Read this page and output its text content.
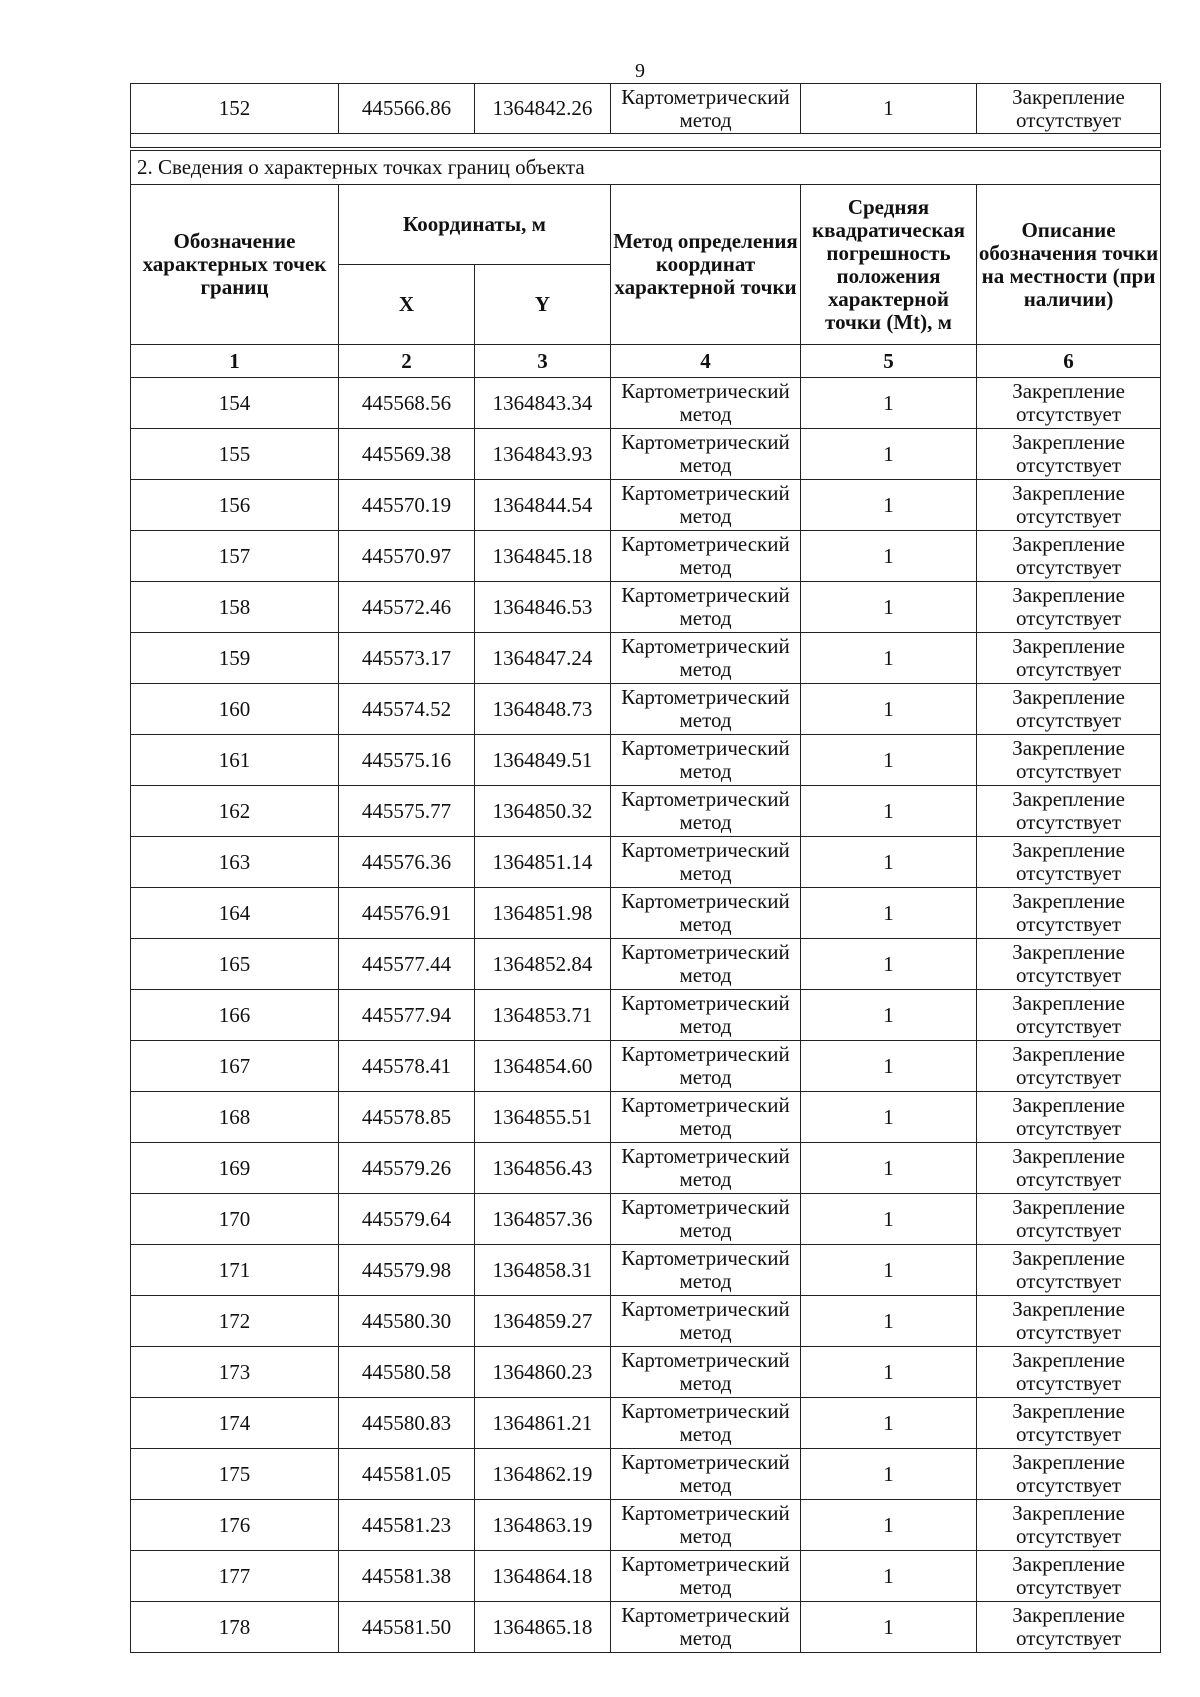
9
152	445566.86	1364842.26	Картометрический метод	1	Закрепление отсутствует

2. Сведения о характерных точках границ объекта					
Обозначение характерных точек границ	Координаты, м		Метод определения координат характерной точки	Средняя квадратическая погрешность положения характерной точки (Mt), м	Описание обозначения точки на местности (при наличии)
	X	Y			
1	2	3	4	5	6
154	445568.56	1364843.34	Картометрический метод	1	Закрепление отсутствует
155	445569.38	1364843.93	Картометрический метод	1	Закрепление отсутствует
156	445570.19	1364844.54	Картометрический метод	1	Закрепление отсутствует
157	445570.97	1364845.18	Картометрический метод	1	Закрепление отсутствует
158	445572.46	1364846.53	Картометрический метод	1	Закрепление отсутствует
159	445573.17	1364847.24	Картометрический метод	1	Закрепление отсутствует
160	445574.52	1364848.73	Картометрический метод	1	Закрепление отсутствует
161	445575.16	1364849.51	Картометрический метод	1	Закрепление отсутствует
162	445575.77	1364850.32	Картометрический метод	1	Закрепление отсутствует
163	445576.36	1364851.14	Картометрический метод	1	Закрепление отсутствует
164	445576.91	1364851.98	Картометрический метод	1	Закрепление отсутствует
165	445577.44	1364852.84	Картометрический метод	1	Закрепление отсутствует
166	445577.94	1364853.71	Картометрический метод	1	Закрепление отсутствует
167	445578.41	1364854.60	Картометрический метод	1	Закрепление отсутствует
168	445578.85	1364855.51	Картометрический метод	1	Закрепление отсутствует
169	445579.26	1364856.43	Картометрический метод	1	Закрепление отсутствует
170	445579.64	1364857.36	Картометрический метод	1	Закрепление отсутствует
171	445579.98	1364858.31	Картометрический метод	1	Закрепление отсутствует
172	445580.30	1364859.27	Картометрический метод	1	Закрепление отсутствует
173	445580.58	1364860.23	Картометрический метод	1	Закрепление отсутствует
174	445580.83	1364861.21	Картометрический метод	1	Закрепление отсутствует
175	445581.05	1364862.19	Картометрический метод	1	Закрепление отсутствует
176	445581.23	1364863.19	Картометрический метод	1	Закрепление отсутствует
177	445581.38	1364864.18	Картометрический метод	1	Закрепление отсутствует
178	445581.50	1364865.18	Картометрический метод	1	Закрепление отсутствует
